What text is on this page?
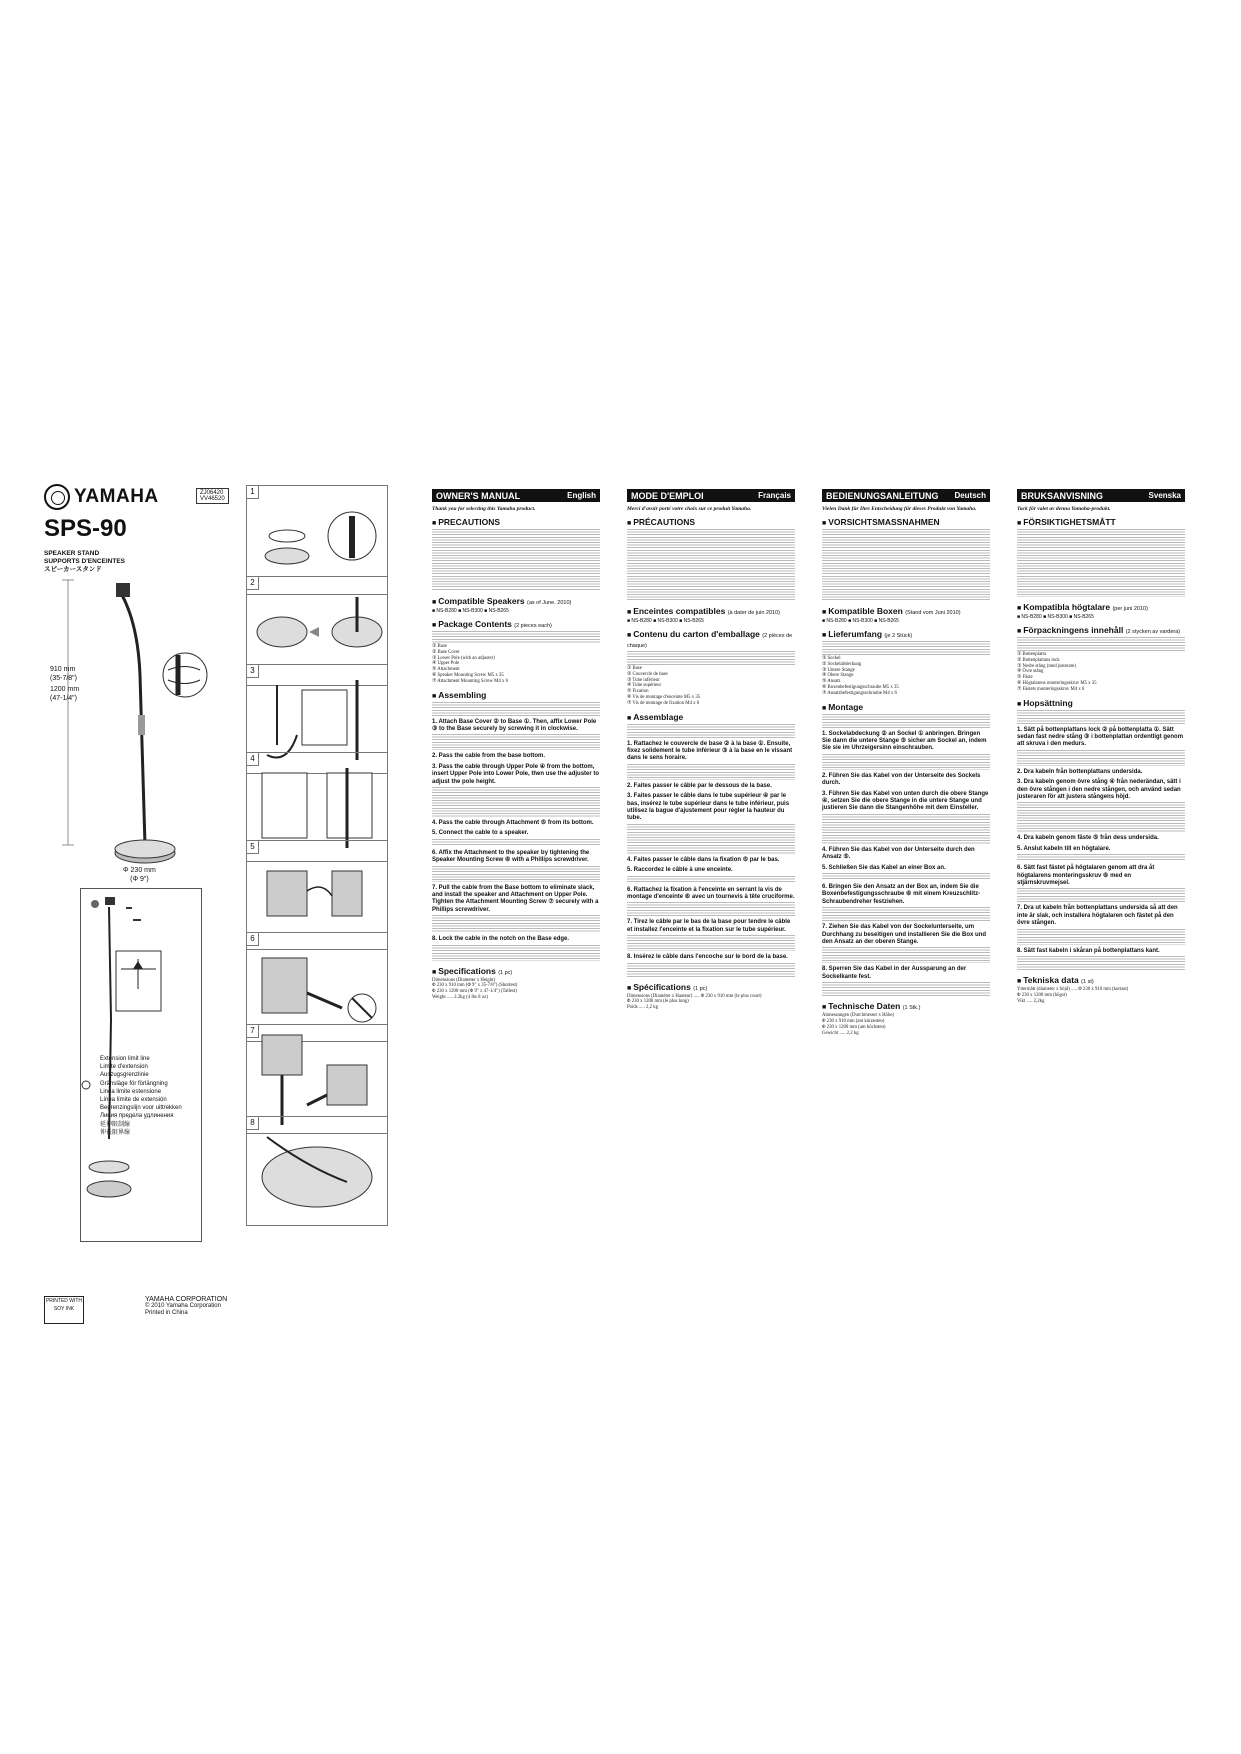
YAMAHA	ZJ06420
VV46520
SPS-90
SPEAKER STAND
SUPPORTS D'ENCEINTES
スピーカースタンド
910 mm
(35-7/8")
1200 mm
(47-1/4")
Φ 230 mm
(Φ 9")
Extension limit line
Limite d'extension
Auszugsgrenzlinie
Gränsläge för förlängning
Linea limite estensione
Línea límite de extensión
Begrenzingslijn voor uittrekken
Линия предела удлинения
延伸限制線
伸長限界線
PRINTED WITH
SOY INK
YAMAHA CORPORATION
© 2010 Yamaha Corporation
Printed in China
1
2
3
4
5
6
7
8
OWNER'S MANUAL	English
Thank you for selecting this Yamaha product.
■ PRECAUTIONS
■ Compatible Speakers (as of June, 2010)
■ NS-B280 ■ NS-B300 ■ NS-B265
■ Package Contents (2 pieces each)
① Base
② Base Cover
③ Lower Pole (with an adjuster)
④ Upper Pole
⑤ Attachment
⑥ Speaker Mounting Screw M5 x 35
⑦ Attachment Mounting Screw M4 x 6
■ Assembling
1. Attach Base Cover ② to Base ①. Then, affix Lower Pole ③ to the Base securely by screwing it in clockwise.
2. Pass the cable from the base bottom.
3. Pass the cable through Upper Pole ④ from the bottom, insert Upper Pole into Lower Pole, then use the adjuster to adjust the pole height.
4. Pass the cable through Attachment ⑤ from its bottom.
5. Connect the cable to a speaker.
6. Affix the Attachment to the speaker by tightening the Speaker Mounting Screw ⑥ with a Phillips screwdriver.
7. Pull the cable from the Base bottom to eliminate slack, and install the speaker and Attachment on Upper Pole. Tighten the Attachment Mounting Screw ⑦ securely with a Phillips screwdriver.
8. Lock the cable in the notch on the Base edge.
■ Specifications (1 pc)
Dimensions (Diameter x Height)
Φ 230 x 910 mm (Φ 9" x 35-7/8") (Shortest)
Φ 230 x 1200 mm (Φ 9" x 47-1/4") (Tallest)
Weight ..... 2.2kg (4 lbs 8 oz)
MODE D'EMPLOI	Français
Merci d'avoir porté votre choix sur ce produit Yamaha.
■ PRÉCAUTIONS
■ Enceintes compatibles (à dater de juin 2010)
■ NS-B280 ■ NS-B300 ■ NS-B265
■ Contenu du carton d'emballage (2 pièces de chaque)
① Base
② Couvercle de base
③ Tube inférieur
④ Tube supérieur
⑤ Fixation
⑥ Vis de montage d'enceinte M5 x 35
⑦ Vis de montage de fixation M4 x 6
■ Assemblage
1. Rattachez le couvercle de base ② à la base ①. Ensuite, fixez solidement le tube inférieur ③ à la base en le vissant dans le sens horaire.
2. Faites passer le câble par le dessous de la base.
3. Faites passer le câble dans le tube supérieur ④ par le bas, insérez le tube supérieur dans le tube inférieur, puis utilisez la bague d'ajustement pour régler la hauteur du tube.
4. Faites passer le câble dans la fixation ⑤ par le bas.
5. Raccordez le câble à une enceinte.
6. Rattachez la fixation à l'enceinte en serrant la vis de montage d'enceinte ⑥ avec un tournevis à tête cruciforme.
7. Tirez le câble par le bas de la base pour tendre le câble et installez l'enceinte et la fixation sur le tube supérieur.
8. Insérez le câble dans l'encoche sur le bord de la base.
■ Spécifications (1 pc)
Dimensions (Diamètre x Hauteur) ..... Φ 230 x 910 mm (le plus court)
Φ 230 x 1200 mm (le plus long)
Poids ..... 2,2 kg
BEDIENUNGSANLEITUNG Deutsch
Vielen Dank für Ihre Entscheidung für dieses Produkt von Yamaha.
■ VORSICHTSMASSNAHMEN
■ Kompatible Boxen (Stand vom Juni 2010)
■ NS-B280 ■ NS-B300 ■ NS-B265
■ Lieferumfang (je 2 Stück)
① Sockel
② Sockelabdeckung
③ Untere Stange
④ Obere Stange
⑤ Ansatz
⑥ Boxenbefestigungsschraube M5 x 35
⑦ Ansatzbefestigungsschraube M4 x 6
■ Montage
1. Sockelabdeckung ② an Sockel ① anbringen. Bringen Sie dann die untere Stange ③ sicher am Sockel an, indem Sie sie im Uhrzeigersinn einschrauben.
2. Führen Sie das Kabel von der Unterseite des Sockels durch.
3. Führen Sie das Kabel von unten durch die obere Stange ④, setzen Sie die obere Stange in die untere Stange und justieren Sie dann die Stangenhöhe mit dem Einsteller.
4. Führen Sie das Kabel von der Unterseite durch den Ansatz ⑤.
5. Schließen Sie das Kabel an einer Box an.
6. Bringen Sie den Ansatz an der Box an, indem Sie die Boxenbefestigungsschraube ⑥ mit einem Kreuzschlitz-Schraubendreher festziehen.
7. Ziehen Sie das Kabel von der Sockelunterseite, um Durchhang zu beseitigen und installieren Sie die Box und den Ansatz an der oberen Stange.
8. Sperren Sie das Kabel in der Aussparung an der Sockelkante fest.
■ Technische Daten (1 Stk.)
Abmessungen (Durchmesser x Höhe)
Φ 230 x 910 mm (am kürzesten)
Φ 230 x 1200 mm (am höchsten)
Gewicht ..... 2,2 kg
BRUKSANVISNING	Svenska
Tack för valet av denna Yamaha-produkt.
■ FÖRSIKTIGHETSMÅTT
■ Kompatibla högtalare (per juni 2010)
■ NS-B280 ■ NS-B300 ■ NS-B265
■ Förpackningens innehåll (2 stycken av vardera)
① Bottenplatta
② Bottenplattans lock
③ Nedre stång (med justerare)
④ Övre stång
⑤ Fäste
⑥ Högtalarens monteringsskruv M5 x 35
⑦ Fästets monteringsskruv M4 x 6
■ Hopsättning
1. Sätt på bottenplattans lock ② på bottenplatta ①. Sätt sedan fast nedre stång ③ i bottenplattan ordentligt genom att skruva i den medurs.
2. Dra kabeln från bottenplattans undersida.
3. Dra kabeln genom övre stång ④ från nederändan, sätt i den övre stången i den nedre stången, och använd sedan justeraren för att justera stångens höjd.
4. Dra kabeln genom fäste ⑤ från dess undersida.
5. Anslut kabeln till en högtalare.
6. Sätt fast fästet på högtalaren genom att dra åt högtalarens monteringsskruv ⑥ med en stjärnskruvmejsel.
7. Dra ut kabeln från bottenplattans undersida så att den inte är slak, och installera högtalaren och fästet på den övre stången.
8. Sätt fast kabeln i skåran på bottenplattans kant.
■ Tekniska data (1 st)
Yttermått (diameter x höjd) ..... Φ 230 x 910 mm (kortast)
Φ 230 x 1200 mm (högst)
Vikt ..... 2,2kg
